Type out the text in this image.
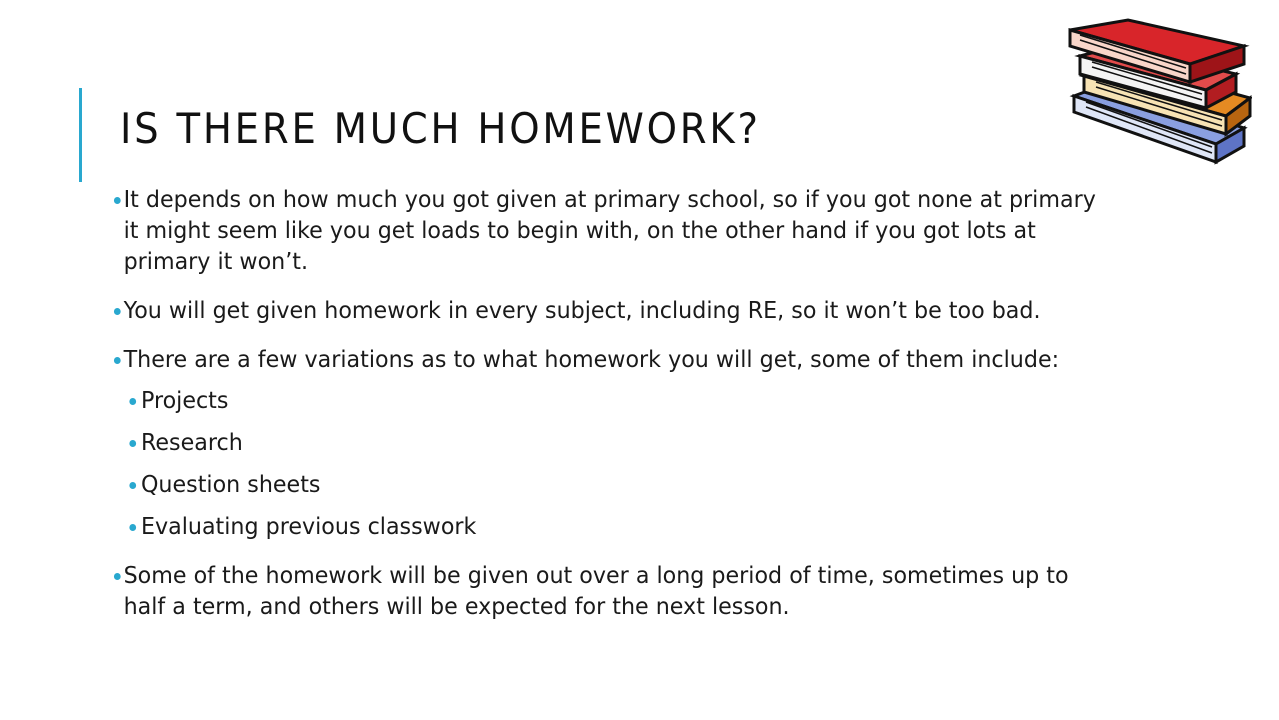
IS THERE MUCH HOMEWORK?
It depends on how much you got given at primary school, so if you got none at primary it might seem like you get loads to begin with, on the other hand if you got lots at primary it won’t.
You will get given homework in every subject, including RE, so it won’t be too bad.
There are a few variations as to what homework you will get, some of them include:
Projects
Research
Question sheets
Evaluating previous classwork
Some of the homework will be given out over a long period of time, sometimes up to half a term, and others will be expected for the next lesson.
